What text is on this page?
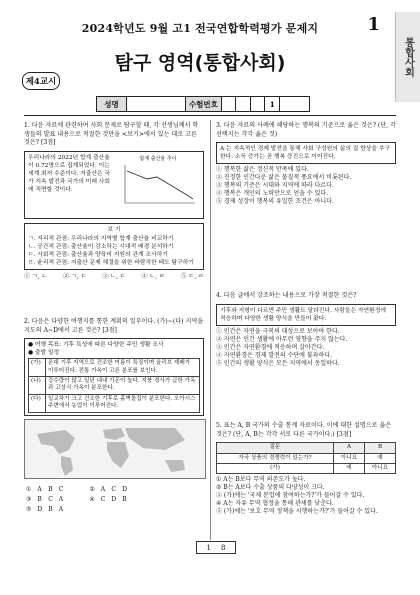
2024학년도 9월 고1 전국연합학력평가 문제지	1
통합사회
탐구 영역(통합사회)
제4교시
성명	수험번호	1
1. 다음 자료에 관련하여 사회 문제로 탐구할 때, 각 선생님께서 학생들의 발표 내용으로 적절한 것만을 <보기>에서 있는 대로 고른 것은? [3점]
우리나라의 2022년 합계 출산율이 0.72명으로 집계되었다. 이는 세계 최저 수준이다. 저출산은 국가 지속 발전과 국가의 미래 사회에 직면할 것이다.
합계 출산율 추이
보 기
ㄱ. 지리적 관점: 우리나라의 지역별 합계 출산율 비교하기
ㄴ. 공간적 관점: 출산율이 감소하는 시대적 배경 분석하기
ㄷ. 사회적 관점: 출산율과 양육비 지원의 관계 조사하기
ㄹ. 윤리적 관점: 저출산 문제 해결을 위한 바람직한 태도 탐구하기
① ㄱ, ㄴ	② ㄱ, ㄷ	③ ㄴ, ㄷ	④ ㄴ, ㄹ	⑤ ㄷ, ㄹ
2. 다음은 다양한 여행지를 통한 계획의 일부이다. (가)~(다) 지역을 지도의 A~D에서 고른 것은? [3점]
● 여행 목표: 기후 특성에 따른 다양한 주민 생활 조사
● 출발 일정
(가)	온대 기후 지역으로 건조한 여름이 특징이며 올리브 재배가 이루어진다. 전통 가옥이 고른 분포를 보인다.
(나)	강수량이 많고 일년 내내 기온이 높다. 지붕 경사가 급한 가옥과 고상식 가옥이 분포한다.
(다)	일교차가 크고 건조한 기후로 흙벽돌집이 분포한다. 오아시스 주변에서 농업이 이루어진다.
①	A	B	C	②	A	C	D
③	B	C	A	④	C	D	B
⑤	D	B	A				
3. 다음 자료의 사례에 해당하는 행복의 기준으로 옳은 것은? (단, 각 선택지는 각각 옳은 것)
A 는 지속적인 경제 발전을 통해 사회 구성원의 삶의 질 향상을 추구한다. 소득 증가는 곧 행복 증진으로 이어진다.
① 행복한 삶은 정신적 만족에 있다.
② 진정한 인간다운 삶은 물질적 풍요에서 비롯된다.
③ 행복의 기준은 시대와 지역에 따라 다르다.
④ 행복은 개인의 노력만으로 얻을 수 있다.
⑤ 경제 성장이 행복의 유일한 조건은 아니다.
4. 다음 글에서 강조하는 내용으로 가장 적절한 것은?
기후와 지형이 다르면 주민 생활도 달라진다. 사람들은 자연환경에 적응하며 다양한 생활 양식을 만들어 왔다.
① 인간은 자연을 극복의 대상으로 보아야 한다.
② 자연은 인간 생활에 아무런 영향을 주지 않는다.
③ 인간은 자연환경에 적응하며 살아간다.
④ 자연환경은 경제 발전의 수단에 불과하다.
⑤ 인간의 생활 양식은 모든 지역에서 동일하다.
5. 표는 A, B 국가의 수출 통계 자료이다. 이에 대한 설명으로 옳은 것은? (단, A, B는 각각 서로 다른 국가이다.) [3점]
질문	A	B
자국 상품의 경쟁력이 있는가?	아니요	예
(가)	예	아니요
① A는 B보다 무역 의존도가 높다.
② B는 A보다 수출 상품의 다양성이 크다.
③ (가)에는 '국제 분업에 참여하는가?'가 들어갈 수 있다.
④ A는 자유 무역 협정을 통해 관세를 낮춘다.
⑤ (가)에는 '보호 무역 정책을 시행하는가?'가 들어갈 수 있다.
1 8
